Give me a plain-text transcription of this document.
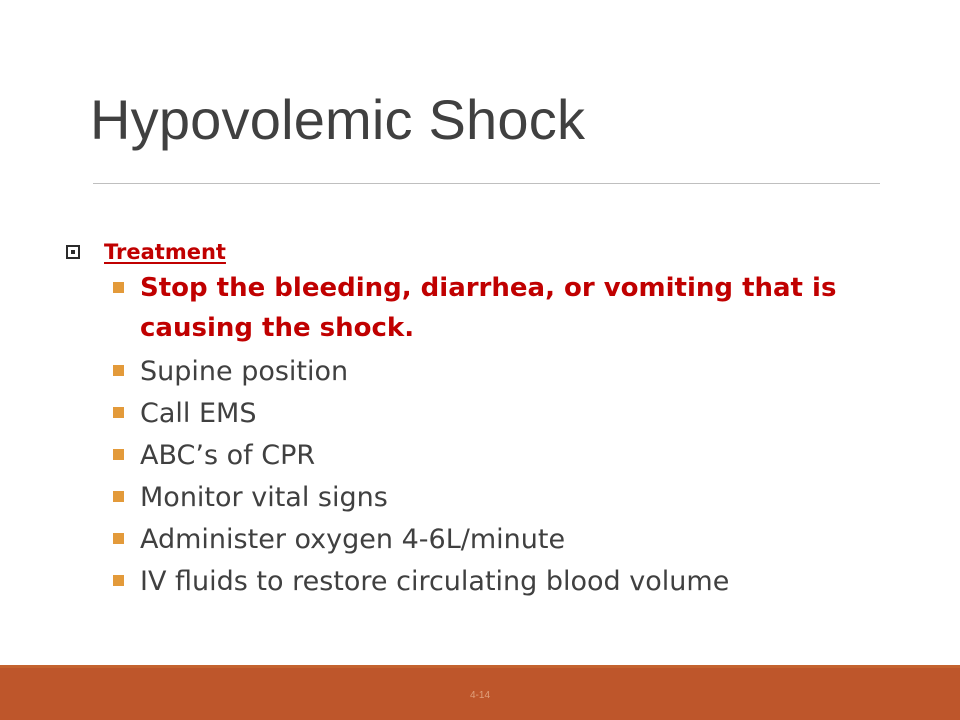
Hypovolemic Shock
Treatment
Stop the bleeding, diarrhea, or vomiting that is causing the shock.
Supine position
Call EMS
ABC’s of CPR
Monitor vital signs
Administer oxygen 4-6L/minute
IV fluids to restore circulating blood volume
4-14
